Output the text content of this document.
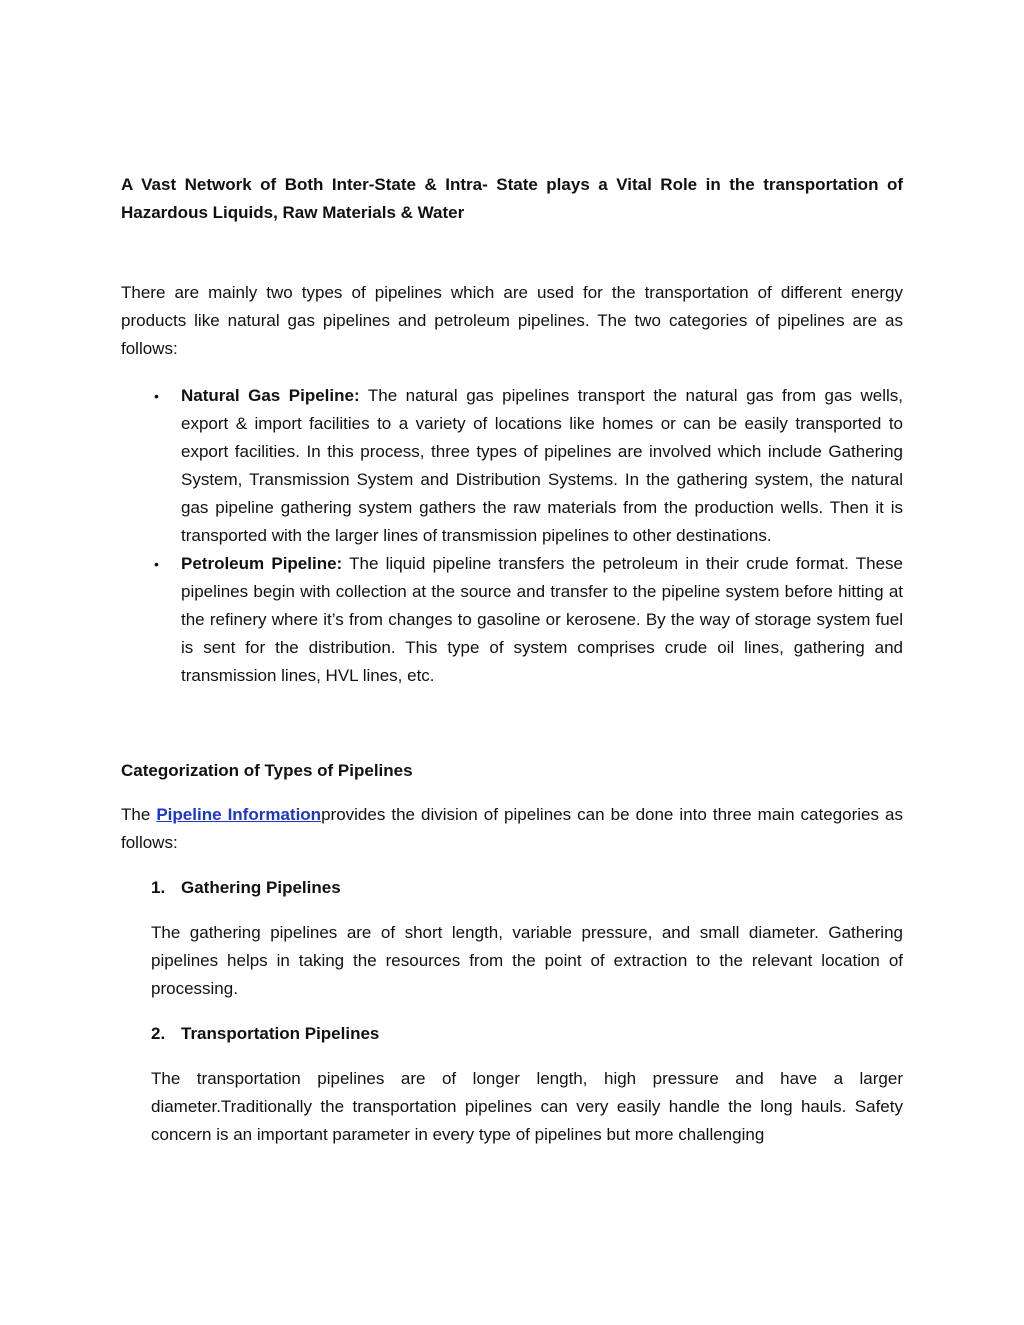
A Vast Network of Both Inter-State & Intra- State plays a Vital Role in the transportation of Hazardous Liquids, Raw Materials & Water

There are mainly two types of pipelines which are used for the transportation of different energy products like natural gas pipelines and petroleum pipelines. The two categories of pipelines are as follows:

• Natural Gas Pipeline: The natural gas pipelines transport the natural gas from gas wells, export & import facilities to a variety of locations like homes or can be easily transported to export facilities. In this process, three types of pipelines are involved which include Gathering System, Transmission System and Distribution Systems. In the gathering system, the natural gas pipeline gathering system gathers the raw materials from the production wells. Then it is transported with the larger lines of transmission pipelines to other destinations.
• Petroleum Pipeline: The liquid pipeline transfers the petroleum in their crude format. These pipelines begin with collection at the source and transfer to the pipeline system before hitting at the refinery where it’s from changes to gasoline or kerosene. By the way of storage system fuel is sent for the distribution. This type of system comprises crude oil lines, gathering and transmission lines, HVL lines, etc.

Categorization of Types of Pipelines

The Pipeline Informationprovides the division of pipelines can be done into three main categories as follows:

1. Gathering Pipelines

The gathering pipelines are of short length, variable pressure, and small diameter. Gathering pipelines helps in taking the resources from the point of extraction to the relevant location of processing.

2. Transportation Pipelines

The transportation pipelines are of longer length, high pressure and have a larger diameter.Traditionally the transportation pipelines can very easily handle the long hauls. Safety concern is an important parameter in every type of pipelines but more challenging
